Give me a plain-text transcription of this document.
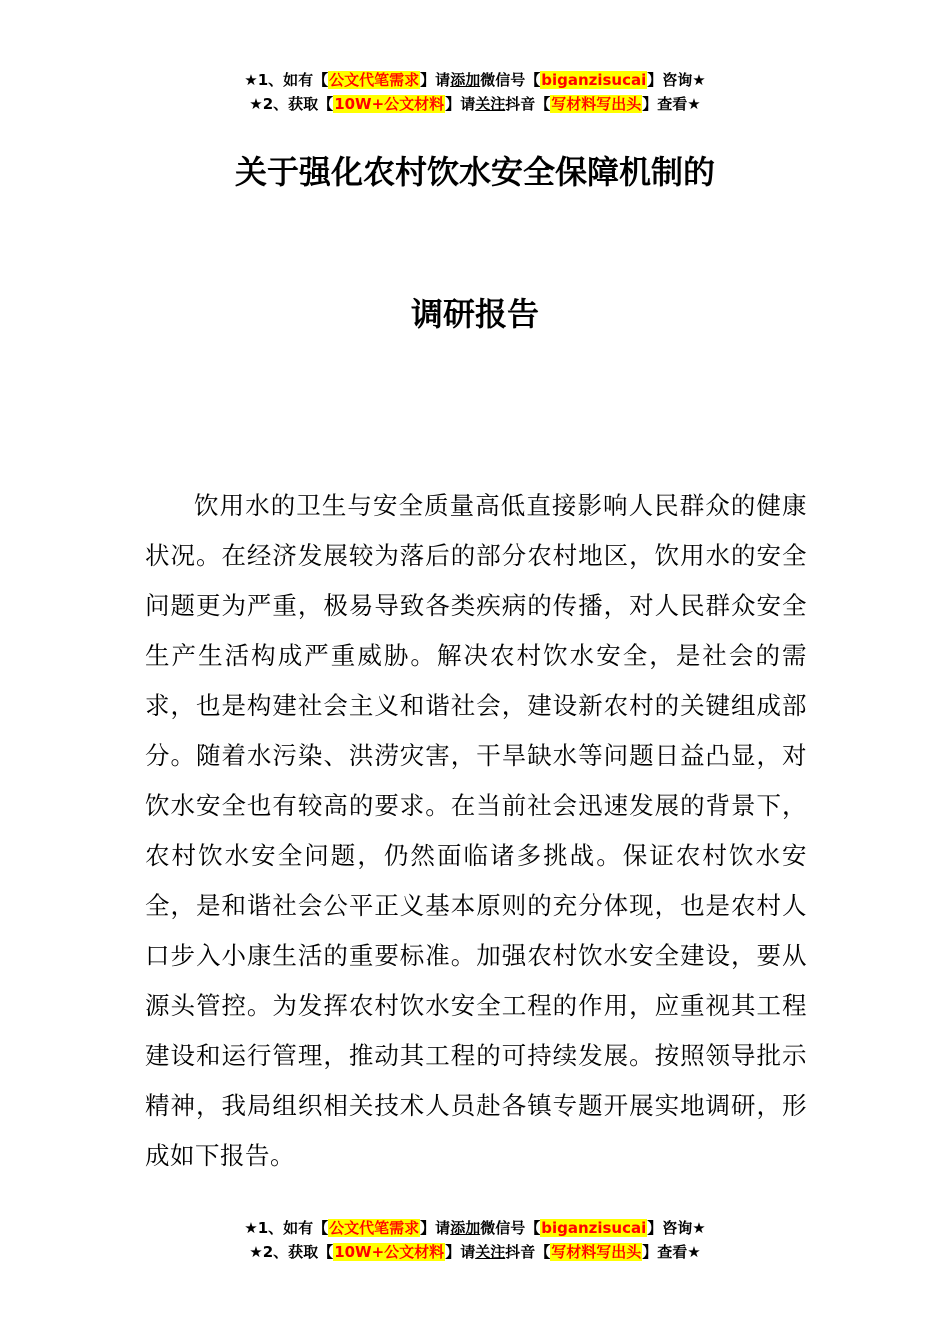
★1、如有【公文代笔需求】请添加微信号【biganzisucai】咨询★
★2、获取【10W+公文材料】请关注抖音【写材料写出头】查看★
关于强化农村饮水安全保障机制的
调研报告

饮用水的卫生与安全质量高低直接影响人民群众的健康状况。在经济发展较为落后的部分农村地区，饮用水的安全问题更为严重，极易导致各类疾病的传播，对人民群众安全生产生活构成严重威胁。解决农村饮水安全，是社会的需求，也是构建社会主义和谐社会，建设新农村的关键组成部分。随着水污染、洪涝灾害，干旱缺水等问题日益凸显，对饮水安全也有较高的要求。在当前社会迅速发展的背景下，农村饮水安全问题，仍然面临诸多挑战。保证农村饮水安全，是和谐社会公平正义基本原则的充分体现，也是农村人口步入小康生活的重要标准。加强农村饮水安全建设，要从源头管控。为发挥农村饮水安全工程的作用，应重视其工程建设和运行管理，推动其工程的可持续发展。按照领导批示精神，我局组织相关技术人员赴各镇专题开展实地调研，形成如下报告。

★1、如有【公文代笔需求】请添加微信号【biganzisucai】咨询★
★2、获取【10W+公文材料】请关注抖音【写材料写出头】查看★
